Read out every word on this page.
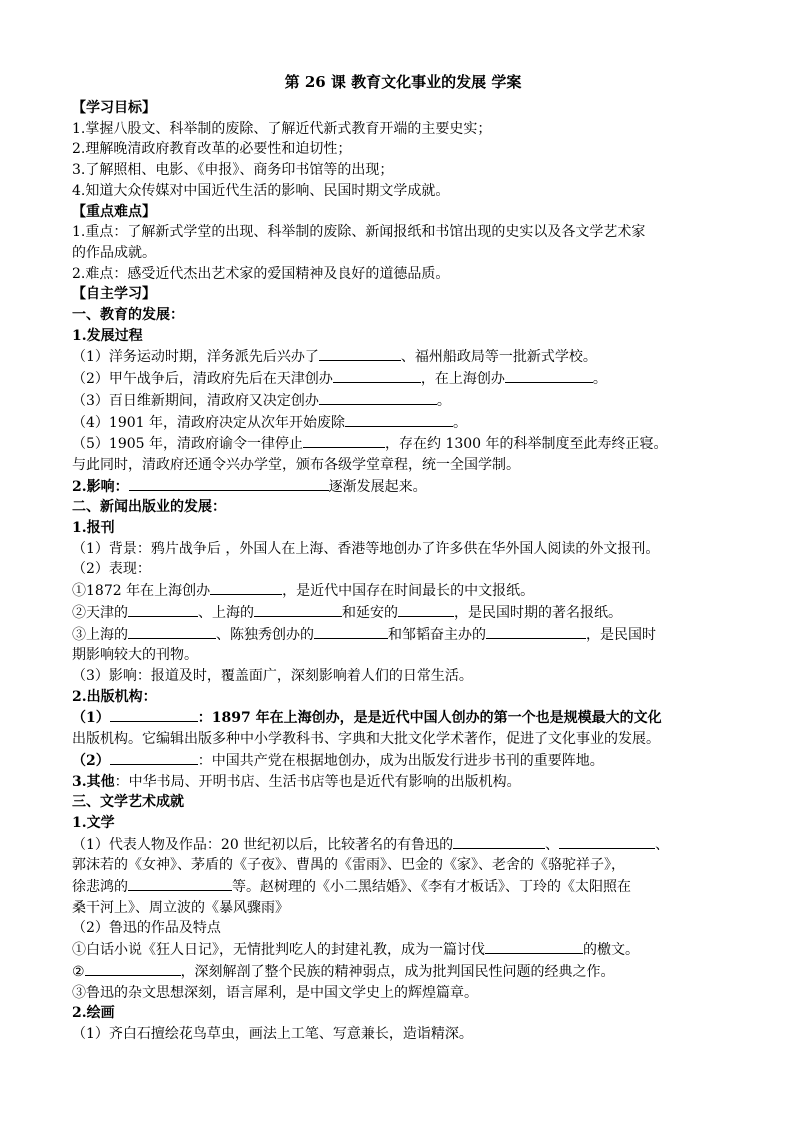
第 26 课 教育文化事业的发展 学案
【学习目标】
1.掌握八股文、科举制的废除、了解近代新式教育开端的主要史实；
2.理解晚清政府教育改革的必要性和迫切性；
3.了解照相、电影、《申报》、商务印书馆等的出现；
4.知道大众传媒对中国近代生活的影响、民国时期文学成就。
【重点难点】
1.重点：了解新式学堂的出现、科举制的废除、新闻报纸和书馆出现的史实以及各文学艺术家
的作品成就。
2.难点：感受近代杰出艺术家的爱国精神及良好的道德品质。
【自主学习】
一、教育的发展：
1.发展过程
（1）洋务运动时期，洋务派先后兴办了	、福州船政局等一批新式学校。
（2）甲午战争后，清政府先后在天津创办	，在上海创办	。
（3）百日维新期间，清政府又决定创办	。
（4）1901 年，清政府决定从次年开始废除	。
（5）1905 年，清政府谕令一律停止	，存在约 1300 年的科举制度至此寿终正寝。
与此同时，清政府还通令兴办学堂，颁布各级学堂章程，统一全国学制。
2.影响：	逐渐发展起来。
二、新闻出版业的发展：
1.报刊
（1）背景：鸦片战争后 ，外国人在上海、香港等地创办了许多供在华外国人阅读的外文报刊。
（2）表现：
①1872 年在上海创办	，是近代中国存在时间最长的中文报纸。
②天津的	、上海的	和延安的	，是民国时期的著名报纸。
③上海的	、陈独秀创办的	和邹韬奋主办的	，是民国时
期影响较大的刊物。
（3）影响：报道及时，覆盖面广，深刻影响着人们的日常生活。
2.出版机构：
（1）	：1897 年在上海创办，是是近代中国人创办的第一个也是规模最大的文化
出版机构。它编辑出版多种中小学教科书、字典和大批文化学术著作，促进了文化事业的发展。
（2）	：中国共产党在根据地创办，成为出版发行进步书刊的重要阵地。
3.其他：中华书局、开明书店、生活书店等也是近代有影响的出版机构。
三、文学艺术成就
1.文学
（1）代表人物及作品：20 世纪初以后，比较著名的有鲁迅的	、	、
郭沫若的《女神》、茅盾的《子夜》、曹禺的《雷雨》、巴金的《家》、老舍的《骆驼祥子》，
徐悲鸿的	等。赵树理的《小二黑结婚》、《李有才板话》、丁玲的《太阳照在
桑干河上》、周立波的《暴风骤雨》
（2）鲁迅的作品及特点
①白话小说《狂人日记》，无情批判吃人的封建礼教，成为一篇讨伐	的檄文。
②	，深刻解剖了整个民族的精神弱点，成为批判国民性问题的经典之作。
③鲁迅的杂文思想深刻，语言犀利，是中国文学史上的辉煌篇章。
2.绘画
（1）齐白石擅绘花鸟草虫，画法上工笔、写意兼长，造诣精深。
